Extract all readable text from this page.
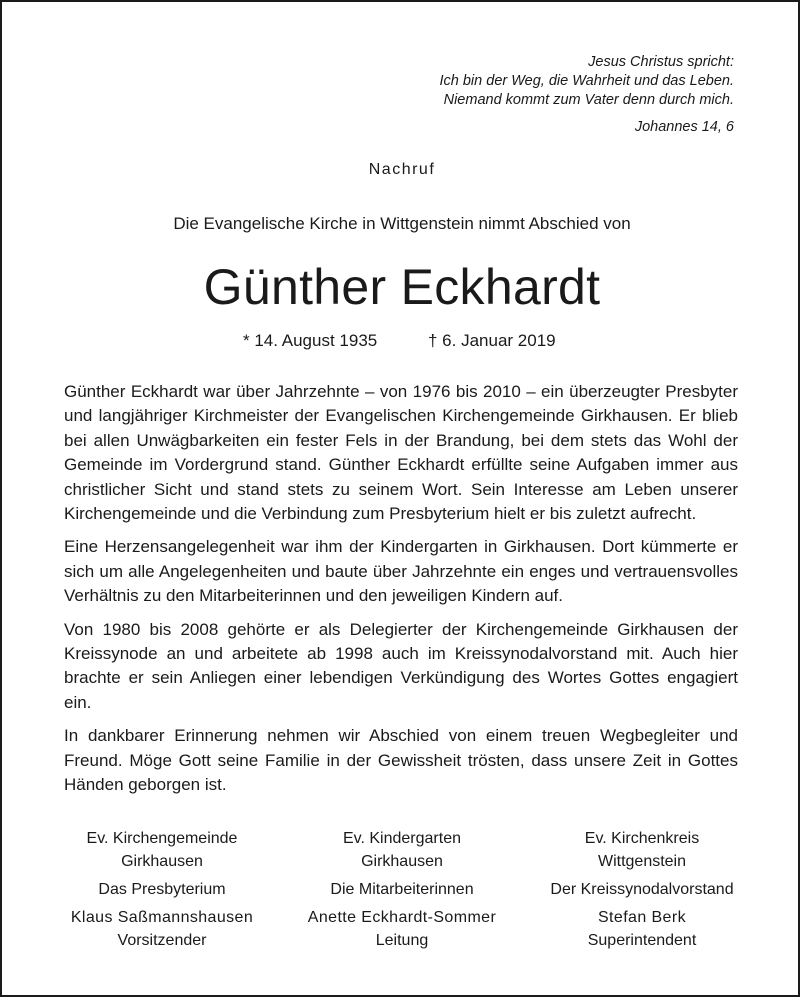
Jesus Christus spricht:
Ich bin der Weg, die Wahrheit und das Leben.
Niemand kommt zum Vater denn durch mich.
Johannes 14, 6
Nachruf
Die Evangelische Kirche in Wittgenstein nimmt Abschied von
Günther Eckhardt
* 14. August 1935	† 6. Januar 2019

Günther Eckhardt war über Jahrzehnte – von 1976 bis 2010 – ein überzeugter Presbyter und langjähriger Kirchmeister der Evangelischen Kirchengemeinde Girkhausen. Er blieb bei allen Unwägbarkeiten ein fester Fels in der Brandung, bei dem stets das Wohl der Gemeinde im Vordergrund stand. Günther Eckhardt erfüllte seine Aufgaben immer aus christlicher Sicht und stand stets zu seinem Wort. Sein Interesse am Leben unserer Kirchengemeinde und die Verbindung zum Presbyterium hielt er bis zuletzt aufrecht.

Eine Herzensangelegenheit war ihm der Kindergarten in Girkhausen. Dort kümmerte er sich um alle Angelegenheiten und baute über Jahrzehnte ein enges und vertrauensvolles Verhältnis zu den Mitarbeiterinnen und den jeweiligen Kindern auf.

Von 1980 bis 2008 gehörte er als Delegierter der Kirchengemeinde Girkhausen der Kreissynode an und arbeitete ab 1998 auch im Kreissynodalvorstand mit. Auch hier brachte er sein Anliegen einer lebendigen Verkündigung des Wortes Gottes engagiert ein.

In dankbarer Erinnerung nehmen wir Abschied von einem treuen Wegbegleiter und Freund. Möge Gott seine Familie in der Gewissheit trösten, dass unsere Zeit in Gottes Händen geborgen ist.

Ev. Kirchengemeinde
Girkhausen
Das Presbyterium
Klaus Saßmannshausen
Vorsitzender
Ev. Kindergarten
Girkhausen
Die Mitarbeiterinnen
Anette Eckhardt-Sommer
Leitung
Ev. Kirchenkreis
Wittgenstein
Der Kreissynodalvorstand
Stefan Berk
Superintendent
